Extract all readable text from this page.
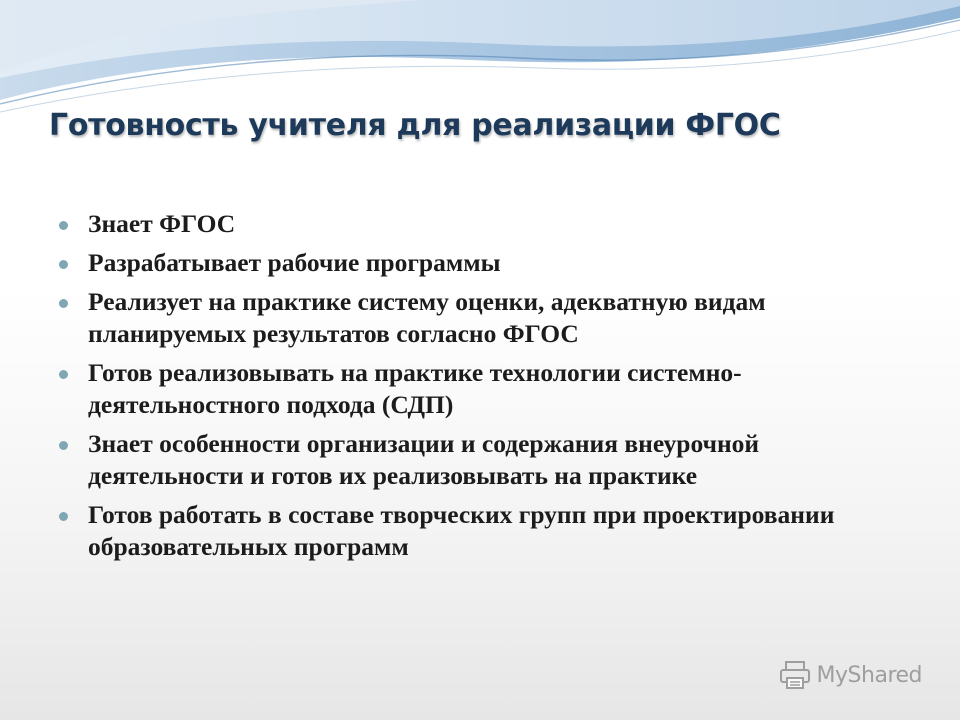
Готовность учителя для реализации ФГОС
Знает ФГОС
Разрабатывает рабочие программы
Реализует на практике систему оценки, адекватную видам планируемых результатов согласно ФГОС
Готов реализовывать на практике технологии системно-деятельностного подхода (СДП)
Знает особенности организации и содержания внеурочной деятельности и готов их реализовывать на практике
Готов работать в составе творческих групп при проектировании образовательных программ
MyShared
